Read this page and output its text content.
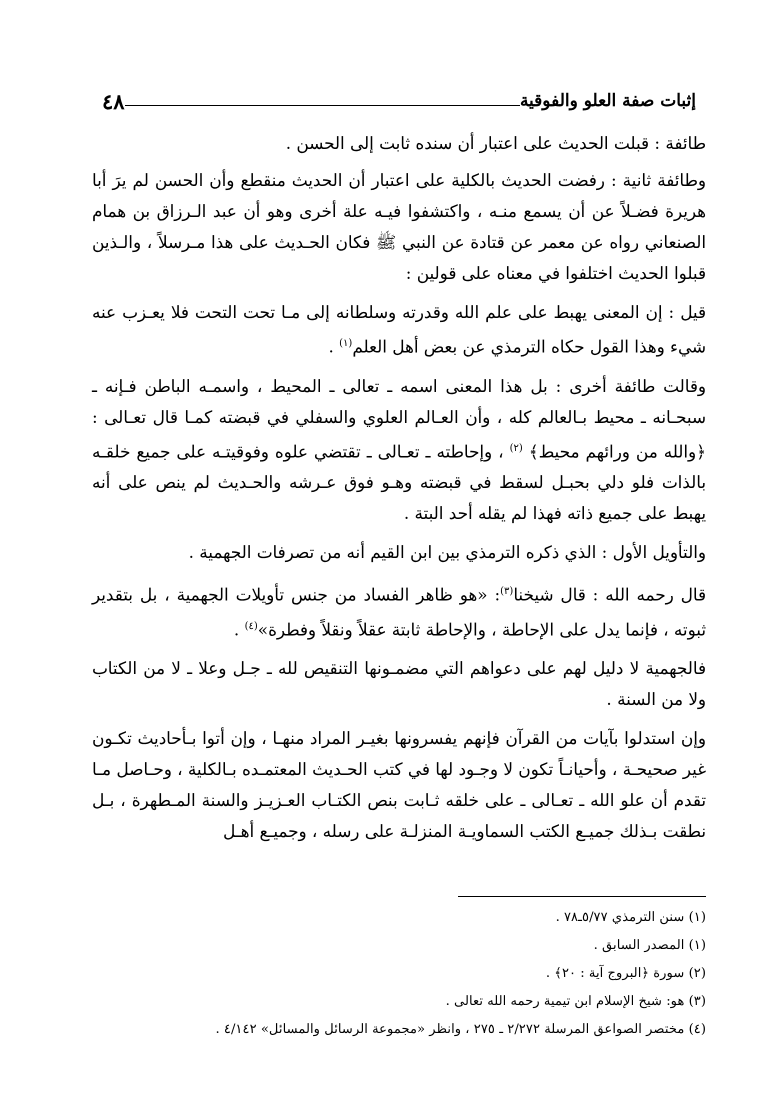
إثبات صفة العلو والفوقية
٤٨

طائفة : قبلت الحديث على اعتبار أن سنده ثابت إلى الحسن .

وطائفة ثانية : رفضت الحديث بالكلية على اعتبار أن الحديث منقطع وأن الحسن لم يرَ أبا هريرة فضـلاً عن أن يسمع منـه ، واكتشفوا فيـه علة أخرى وهو أن عبد الـرزاق بن همام الصنعاني رواه عن معمر عن قتادة عن النبي ﷺ فكان الحـديث على هذا مـرسلاً ، والـذين قبلوا الحديث اختلفوا في معناه على قولين :

قيل : إن المعنى يهبط على علم الله وقدرته وسلطانه إلى مـا تحت التحت فلا يعـزب عنه شيء وهذا القول حكاه الترمذي عن بعض أهل العلم$^{(١)}$ .

وقالت طائفة أخرى : بل هذا المعنى اسمه ـ تعالى ـ المحيط ، واسمـه الباطن فـإنه ـ سبحـانه ـ محيط بـالعالم كله ، وأن العـالم العلوي والسفلي في قبضته كمـا قال تعـالى : ﴿والله من ورائهم محيط﴾ $^{(٢)}$ ، وإحاطته ـ تعـالى ـ تقتضي علوه وفوقيتـه على جميع خلقـه بالذات فلو دلي بحبـل لسقط في قبضته وهـو فوق عـرشه والحـديث لم ينص على أنه يهبط على جميع ذاته فهذا لم يقله أحد البتة .

والتأويل الأول : الذي ذكره الترمذي بين ابن القيم أنه من تصرفات الجهمية .

قال رحمه الله : قال شيخنا$^{(٣)}$: «هو ظاهر الفساد من جنس تأويلات الجهمية ، بل بتقدير ثبوته ، فإنما يدل على الإحاطة ، والإحاطة ثابتة عقلاً ونقلاً وفطرة»$^{(٤)}$ .

فالجهمية لا دليل لهم على دعواهم التي مضمـونها التنقيص لله ـ جـل وعلا ـ لا من الكتاب ولا من السنة .

وإن استدلوا بآيات من القرآن فإنهم يفسرونها بغيـر المراد منهـا ، وإن أتوا بـأحاديث تكـون غير صحيحـة ، وأحيانـاً تكون لا وجـود لها في كتب الحـديث المعتمـده بـالكلية ، وحـاصل مـا تقدم أن علو الله ـ تعـالى ـ على خلقه ثـابت بنص الكتـاب العـزيـز والسنة المـطهرة ، بـل نطقت بـذلك جميـع الكتب السماويـة المنزلـة على رسله ، وجميـع أهـل

(١) سنن الترمذي ٥/٧٧ـ٧٨ .
(١) المصدر السابق .
(٢) سورة ﴿البروج آية : ٢٠﴾ .
(٣) هو: شيخ الإسلام ابن تيمية رحمه الله تعالى .
(٤) مختصر الصواعق المرسلة ٢/٢٧٢ ـ ٢٧٥ ، وانظر «مجموعة الرسائل والمسائل» ٤/١٤٢ .
